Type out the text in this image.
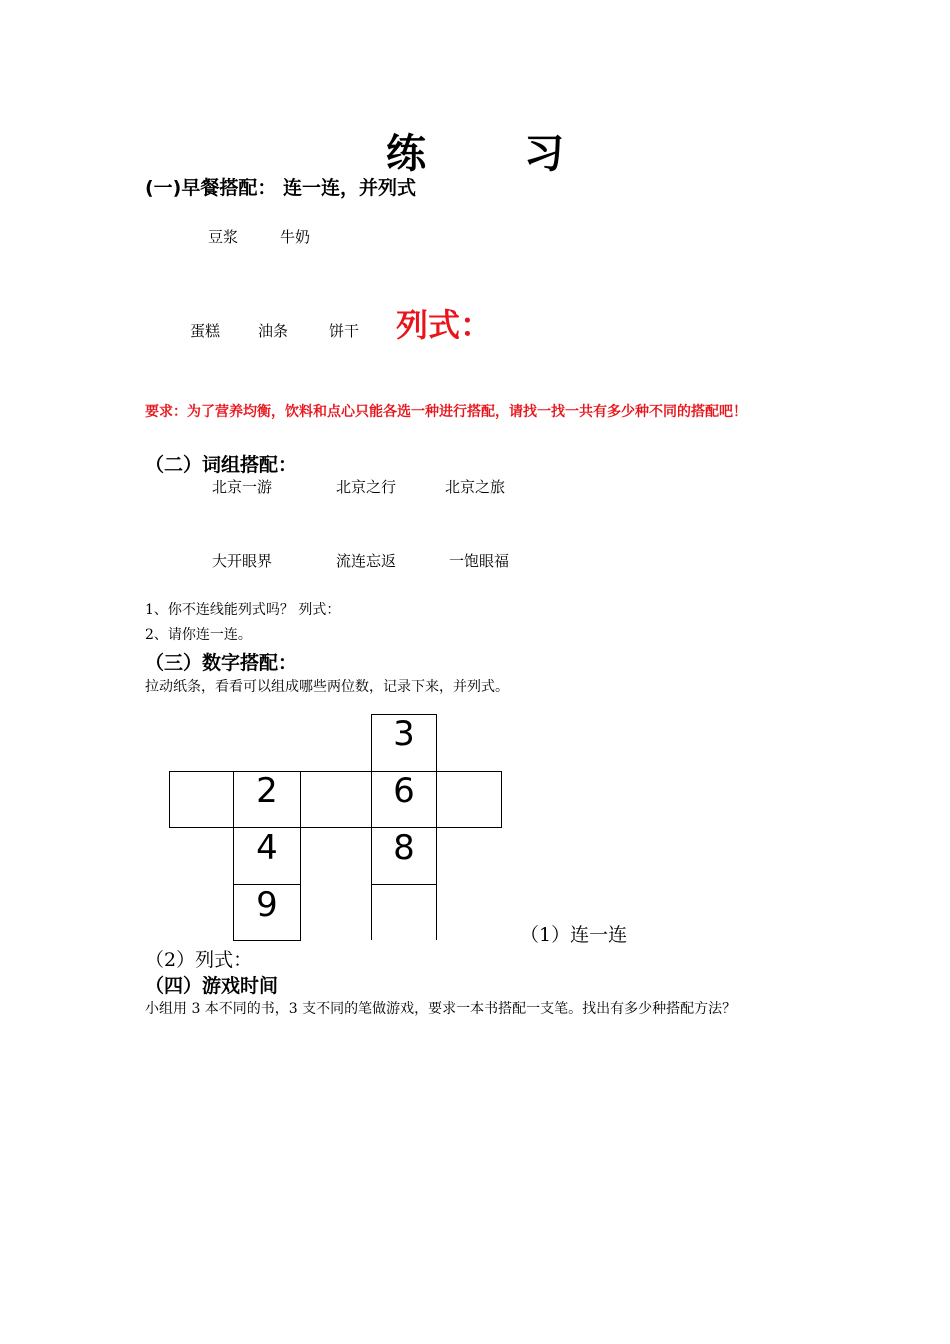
练 习
(一)早餐搭配： 连一连，并列式
豆浆	牛奶
蛋糕	油条	饼干 列式：
要求：为了营养均衡，饮料和点心只能各选一种进行搭配，请找一找一共有多少种不同的搭配吧！
（二）词组搭配：
北京一游	北京之行	北京之旅
大开眼界	流连忘返	一饱眼福
1、你不连线能列式吗？ 列式：
2、请你连一连。
（三）数字搭配：
拉动纸条，看看可以组成哪些两位数，记录下来，并列式。
2
4
9
3
6
8
（1）连一连
（2）列式：
（四）游戏时间
小组用 3 本不同的书，3 支不同的笔做游戏，要求一本书搭配一支笔。找出有多少种搭配方法？
